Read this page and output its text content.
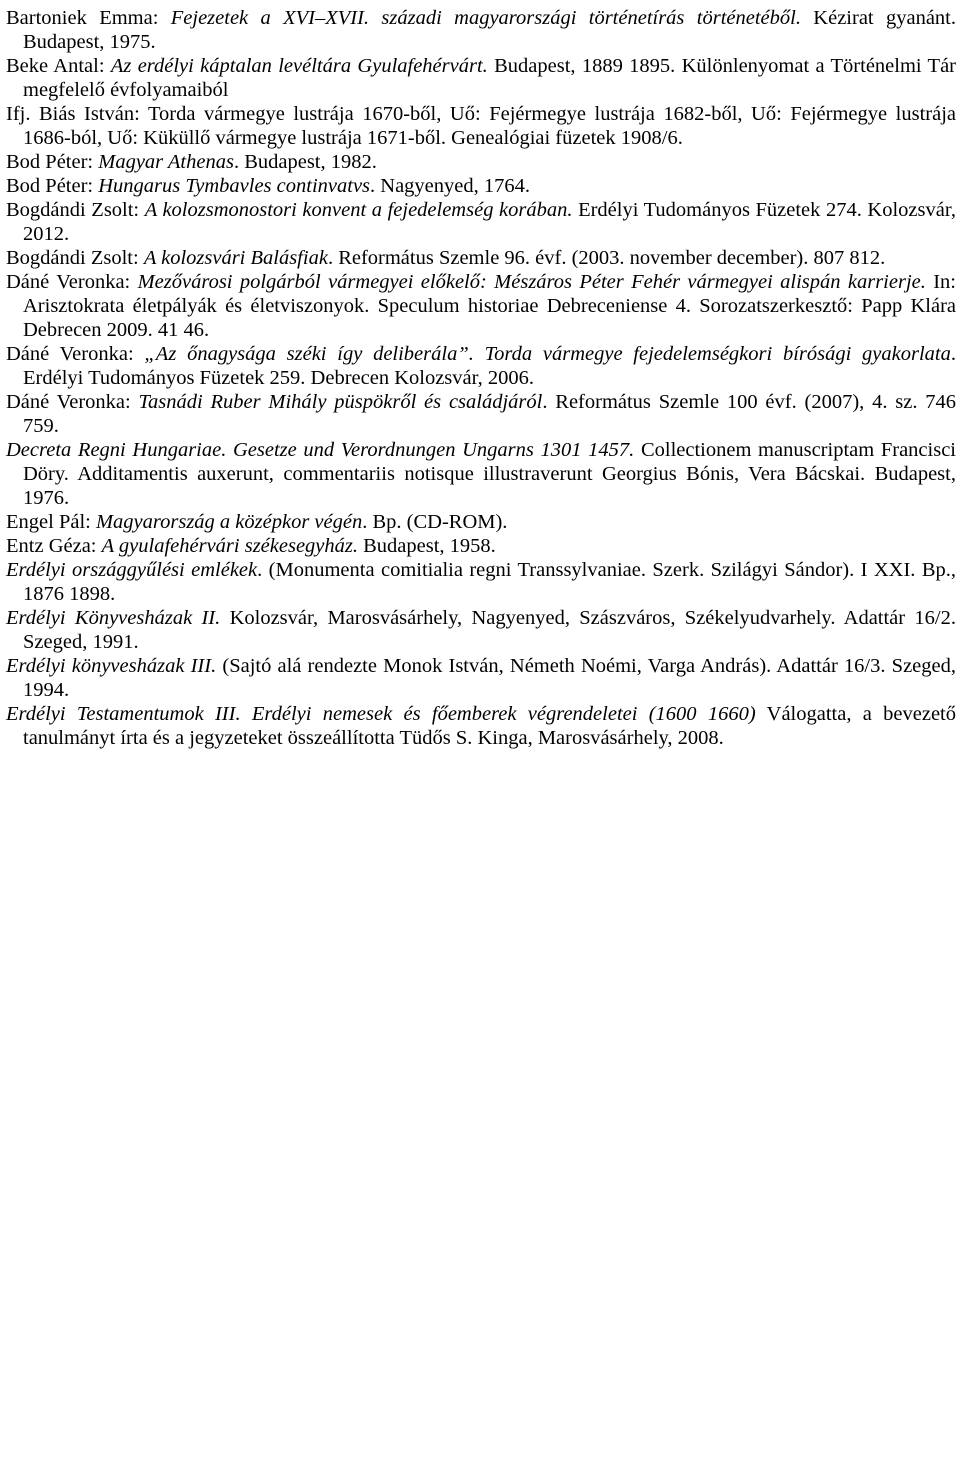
Bartoniek Emma: Fejezetek a XVI–XVII. századi magyarországi történetírás történetéből. Kézirat gyanánt. Budapest, 1975.

Beke Antal: Az erdélyi káptalan levéltára Gyulafehérvárt. Budapest, 1889 1895. Különlenyomat a Történelmi Tár megfelelő évfolyamaiból

Ifj. Biás István: Torda vármegye lustrája 1670-ből, Uő: Fejérmegye lustrája 1682-ből, Uő: Fejérmegye lustrája 1686-ból, Uő: Küküllő vármegye lustrája 1671-ből. Genealógiai füzetek 1908/6.

Bod Péter: Magyar Athenas. Budapest, 1982.

Bod Péter: Hungarus Tymbavles continvatvs. Nagyenyed, 1764.

Bogdándi Zsolt: A kolozsmonostori konvent a fejedelemség korában. Erdélyi Tudományos Füzetek 274. Kolozsvár, 2012.

Bogdándi Zsolt: A kolozsvári Balásfiak. Református Szemle 96. évf. (2003. november december). 807 812.

Dáné Veronka: Mezővárosi polgárból vármegyei előkelő: Mészáros Péter Fehér vármegyei alispán karrierje. In: Arisztokrata életpályák és életviszonyok. Speculum historiae Debreceniense 4. Sorozatszerkesztő: Papp Klára Debrecen 2009. 41 46.

Dáné Veronka: „Az őnagysága széki így deliberála”. Torda vármegye fejedelemségkori bírósági gyakorlata. Erdélyi Tudományos Füzetek 259. Debrecen Kolozsvár, 2006.

Dáné Veronka: Tasnádi Ruber Mihály püspökről és családjáról. Református Szemle 100 évf. (2007), 4. sz. 746 759.

Decreta Regni Hungariae. Gesetze und Verordnungen Ungarns 1301 1457. Collectionem manuscriptam Francisci Döry. Additamentis auxerunt, commentariis notisque illustraverunt Georgius Bónis, Vera Bácskai. Budapest, 1976.

Engel Pál: Magyarország a középkor végén. Bp. (CD-ROM).

Entz Géza: A gyulafehérvári székesegyház. Budapest, 1958.

Erdélyi országgyűlési emlékek. (Monumenta comitialia regni Transsylvaniae. Szerk. Szilágyi Sándor). I XXI. Bp., 1876 1898.

Erdélyi Könyvesházak II. Kolozsvár, Marosvásárhely, Nagyenyed, Szászváros, Székelyudvarhely. Adattár 16/2. Szeged, 1991.

Erdélyi könyvesházak III. (Sajtó alá rendezte Monok István, Németh Noémi, Varga András). Adattár 16/3. Szeged, 1994.

Erdélyi Testamentumok III. Erdélyi nemesek és főemberek végrendeletei (1600 1660) Válogatta, a bevezető tanulmányt írta és a jegyzeteket összeállította Tüdős S. Kinga, Marosvásárhely, 2008.
